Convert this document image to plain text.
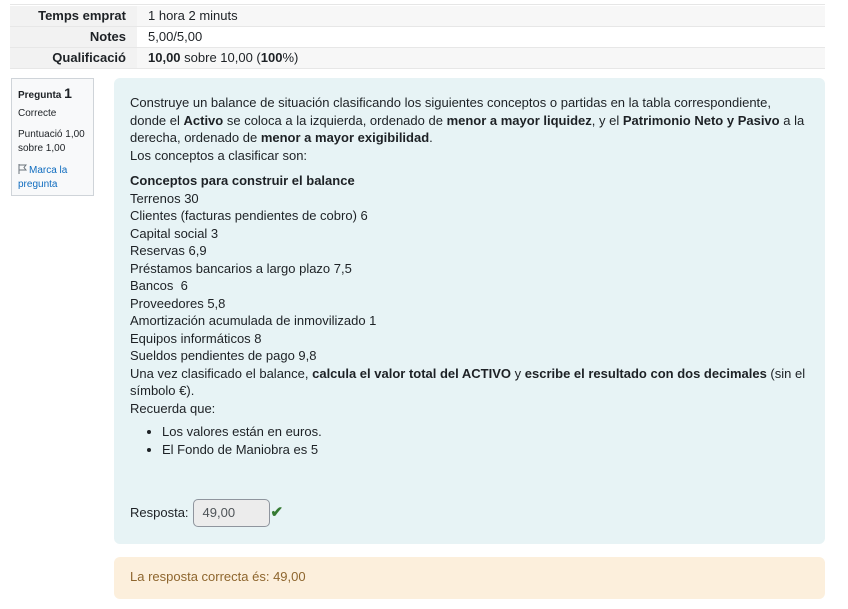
Temps emprat	1 hora 2 minuts
Notes	5,00/5,00
Qualificació	10,00 sobre 10,00 (100%)
Pregunta 1
Correcte
Puntuació 1,00 sobre 1,00
Marca la pregunta

Construye un balance de situación clasificando los siguientes conceptos o partidas en la tabla correspondiente, donde el Activo se coloca a la izquierda, ordenado de menor a mayor liquidez, y el Patrimonio Neto y Pasivo a la derecha, ordenado de menor a mayor exigibilidad.

Los conceptos a clasificar son:

Conceptos para construir el balance
Terrenos 30
Clientes (facturas pendientes de cobro) 6
Capital social 3
Reservas 6,9
Préstamos bancarios a largo plazo 7,5
Bancos  6
Proveedores 5,8
Amortización acumulada de inmovilizado 1
Equipos informáticos 8
Sueldos pendientes de pago 9,8

Una vez clasificado el balance, calcula el valor total del ACTIVO y escribe el resultado con dos decimales (sin el símbolo €).

Recuerda que:

• Los valores están en euros.
• El Fondo de Maniobra es 5
Resposta:	49,00	✔
La resposta correcta és: 49,00
